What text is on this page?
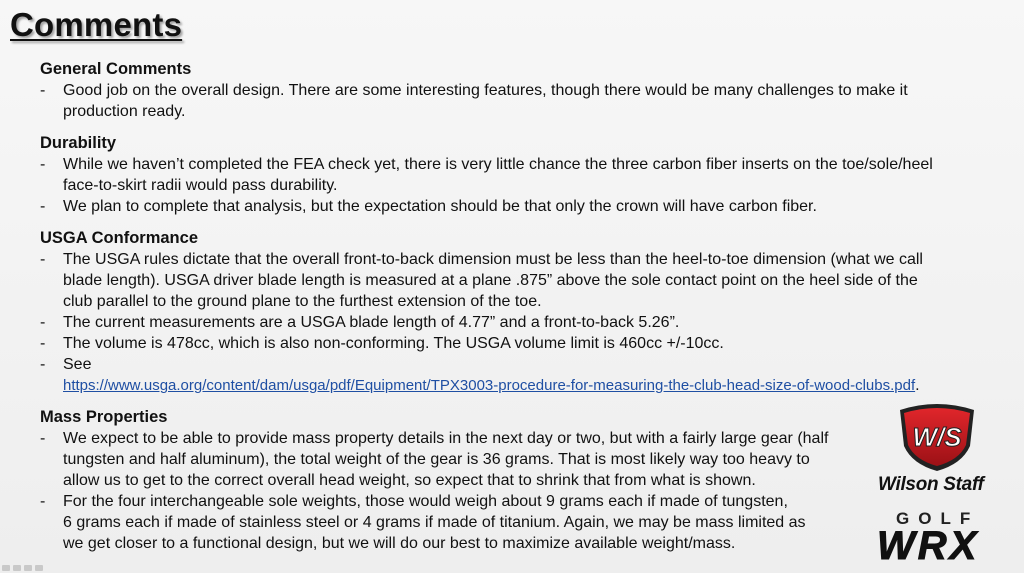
Comments
General Comments
- Good job on the overall design. There are some interesting features, though there would be many challenges to make it
production ready.
Durability
- While we haven’t completed the FEA check yet, there is very little chance the three carbon fiber inserts on the toe/sole/heel
face-to-skirt radii would pass durability.
- We plan to complete that analysis, but the expectation should be that only the crown will have carbon fiber.
USGA Conformance
- The USGA rules dictate that the overall front-to-back dimension must be less than the heel-to-toe dimension (what we call
blade length). USGA driver blade length is measured at a plane .875” above the sole contact point on the heel side of the
club parallel to the ground plane to the furthest extension of the toe.
- The current measurements are a USGA blade length of 4.77” and a front-to-back 5.26”.
- The volume is 478cc, which is also non-conforming. The USGA volume limit is 460cc +/-10cc.
- See
https://www.usga.org/content/dam/usga/pdf/Equipment/TPX3003-procedure-for-measuring-the-club-head-size-of-wood-clubs.pdf.
Mass Properties
- We expect to be able to provide mass property details in the next day or two, but with a fairly large gear (half
tungsten and half aluminum), the total weight of the gear is 36 grams. That is most likely way too heavy to
allow us to get to the correct overall head weight, so expect that to shrink that from what is shown.
- For the four interchangeable sole weights, those would weigh about 9 grams each if made of tungsten,
6 grams each if made of stainless steel or 4 grams if made of titanium. Again, we may be mass limited as
we get closer to a functional design, but we will do our best to maximize available weight/mass.
W/S
Wilson Staff
GOLF
WRX
